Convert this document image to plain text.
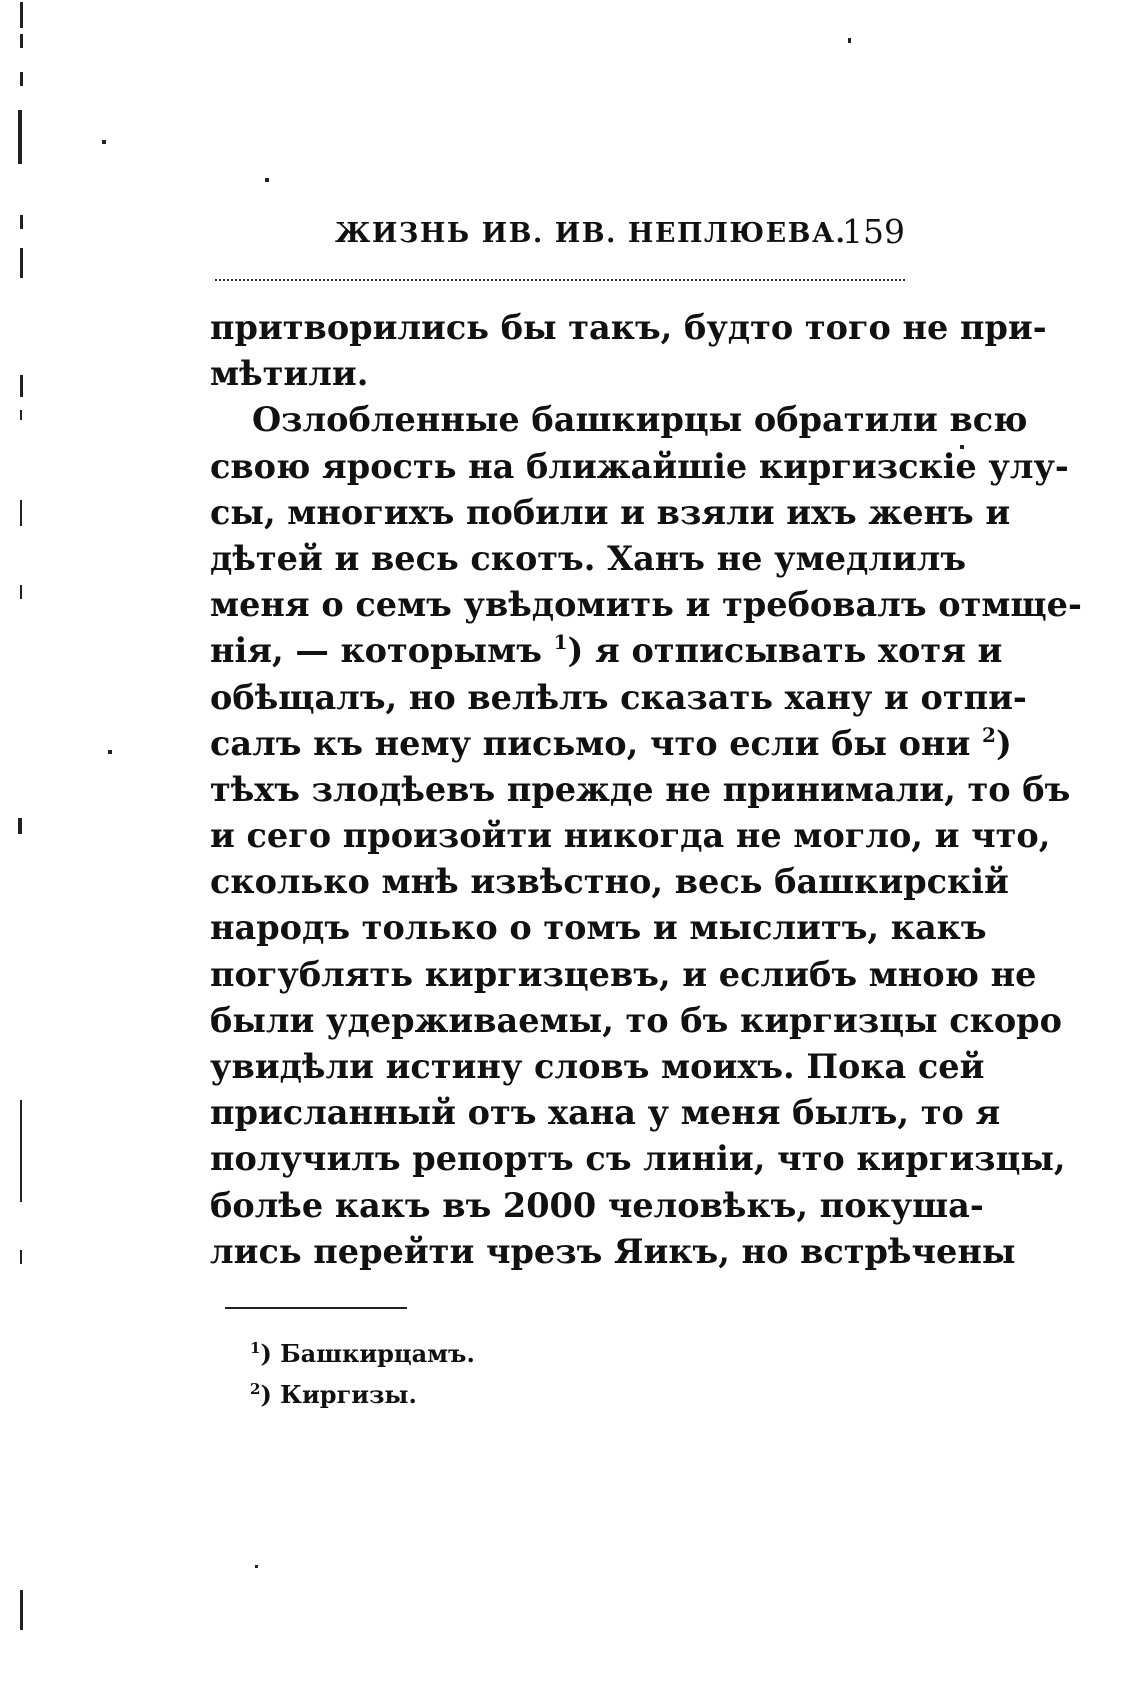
ЖИЗНЬ ИВ. ИВ. НЕПЛЮЕВА.
159
притворились бы такъ, будто того не при-
мѣтили.
Озлобленные башкирцы обратили всю
свою ярость на ближайшіе киргизскіе улу-
сы, многихъ побили и взяли ихъ женъ и
дѣтей и весь скотъ. Ханъ не умедлилъ
меня о семъ увѣдомить и требовалъ отмще-
нія, — которымъ $^1$) я отписывать хотя и
обѣщалъ, но велѣлъ сказать хану и отпи-
салъ къ нему письмо, что если бы они $^2$)
тѣхъ злодѣевъ прежде не принимали, то бъ
и сего произойти никогда не могло, и что,
сколько мнѣ извѣстно, весь башкирскій
народъ только о томъ и мыслитъ, какъ
погублять киргизцевъ, и еслибъ мною не
были удерживаемы, то бъ киргизцы скоро
увидѣли истину словъ моихъ. Пока сей
присланный отъ хана у меня былъ, то я
получилъ репортъ съ линіи, что киргизцы,
болѣе какъ въ 2000 человѣкъ, покуша-
лись перейти чрезъ Яикъ, но встрѣчены
$^1$) Башкирцамъ.
$^2$) Киргизы.
